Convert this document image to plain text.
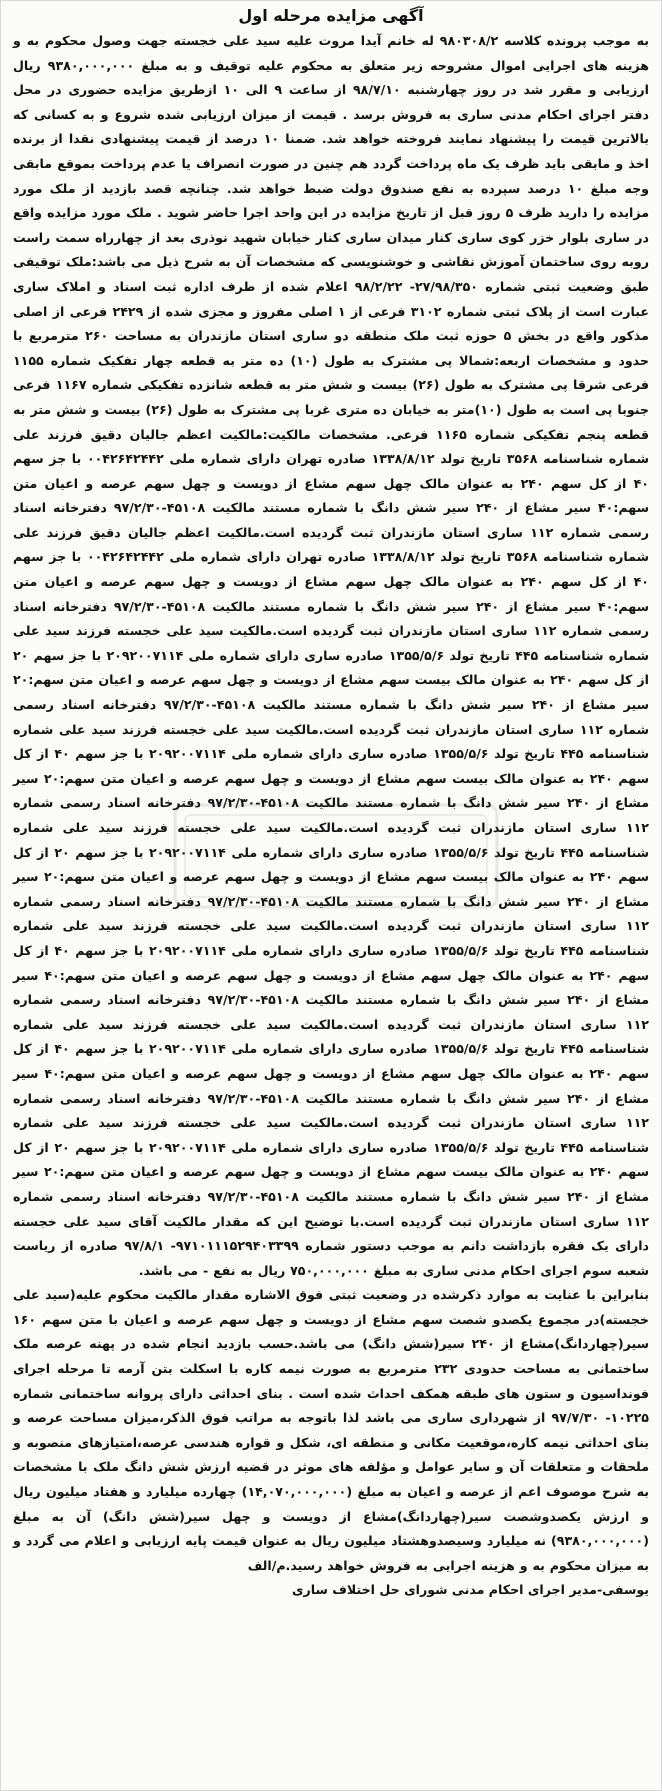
آگهی مزایده مرحله اول

به موجب پرونده کلاسه ۹۸۰۳۰۸/۲ له خانم آیدا مروت علیه سید علی خجسته جهت وصول محکوم به و هزینه های اجرایی اموال مشروحه زیر متعلق به محکوم علیه توقیف و به مبلغ ۹۳۸۰,۰۰۰,۰۰۰ ریال ارزیابی و مقرر شد در روز چهارشنبه ۹۸/۷/۱۰ از ساعت ۹ الی ۱۰ ازطریق مزایده حضوری در محل دفتر اجرای احکام مدنی ساری به فروش برسد . قیمت از میزان ارزیابی شده شروع و به کسانی که بالاترین قیمت را پیشنهاد نمایند فروخته خواهد شد. ضمنا ۱۰ درصد از قیمت پیشنهادی نقدا از برنده اخذ و مابقی باید ظرف یک ماه پرداخت گردد هم چنین در صورت انصراف یا عدم پرداخت بموقع مابقی وجه مبلغ ۱۰ درصد سپرده به نفع صندوق دولت ضبط خواهد شد. چنانچه قصد بازدید از ملک مورد مزایده را دارید ظرف ۵ روز قبل از تاریخ مزایده در این واحد اجرا حاضر شوید . ملک مورد مزایده واقع در ساری بلوار خزر کوی ساری کنار میدان ساری کنار خیابان شهید نوذری بعد از چهارراه سمت راست روبه روی ساختمان آموزش نقاشی و خوشنویسی که مشخصات آن به شرح ذیل می باشد:ملک توقیفی طبق وضعیت ثبتی شماره ۲۷/۹۸/۳۵۰- ۹۸/۲/۲۲ اعلام شده از طرف اداره ثبت اسناد و املاک ساری عبارت است از پلاک ثبتی شماره ۳۱۰۲ فرعی از ۱ اصلی مفروز و مجزی شده از ۲۴۲۹ فرعی از اصلی مذکور واقع در بخش ۵ حوزه ثبت ملک منطقه دو ساری استان مازندران به مساحت ۲۶۰ مترمربع با حدود و مشخصات اربعه:شمالا پی مشترک به طول (۱۰) ده متر به قطعه چهار تفکیک شماره ۱۱۵۵ فرعی شرقا پی مشترک به طول (۲۶) بیست و شش متر به قطعه شانزده تفکیکی شماره ۱۱۶۷ فرعی جنوبا پی است به طول (۱۰)متر به خیابان ده متری غربا پی مشترک به طول (۲۶) بیست و شش متر به قطعه پنجم تفکیکی شماره ۱۱۶۵ فرعی. مشخصات مالکیت:مالکیت اعظم جالیان دقیق فرزند علی شماره شناسنامه ۳۵۶۸ تاریخ تولد ۱۳۳۸/۸/۱۲ صادره تهران دارای شماره ملی ۰۰۴۲۶۴۲۴۴۲ با جز سهم ۴۰ از کل سهم ۲۴۰ به عنوان مالک چهل سهم مشاع از دویست و چهل سهم عرصه و اعیان متن سهم:۴۰ سیر مشاع از ۲۴۰ سیر شش دانگ با شماره مستند مالکیت ۴۵۱۰۸-۹۷/۲/۳۰ دفترخانه اسناد رسمی شماره ۱۱۲ ساری استان مازندران ثبت گردیده است.مالکیت اعظم جالیان دقیق فرزند علی شماره شناسنامه ۳۵۶۸ تاریخ تولد ۱۳۳۸/۸/۱۲ صادره تهران دارای شماره ملی ۰۰۴۲۶۴۲۴۴۲ با جز سهم ۴۰ از کل سهم ۲۴۰ به عنوان مالک چهل سهم مشاع از دویست و چهل سهم عرصه و اعیان متن سهم:۴۰ سیر مشاع از ۲۴۰ سیر شش دانگ با شماره مستند مالکیت ۴۵۱۰۸-۹۷/۲/۳۰ دفترخانه اسناد رسمی شماره ۱۱۲ ساری استان مازندران ثبت گردیده است.مالکیت سید علی خجسته فرزند سید علی شماره شناسنامه ۴۴۵ تاریخ تولد ۱۳۵۵/۵/۶ صادره ساری دارای شماره ملی ۲۰۹۲۰۰۷۱۱۴ با جز سهم ۲۰ از کل سهم ۲۴۰ به عنوان مالک بیست سهم مشاع از دویست و چهل سهم عرصه و اعیان متن سهم:۲۰ سیر مشاع از ۲۴۰ سیر شش دانگ با شماره مستند مالکیت ۴۵۱۰۸-۹۷/۲/۳۰ دفترخانه اسناد رسمی شماره ۱۱۲ ساری استان مازندران ثبت گردیده است.مالکیت سید علی خجسته فرزند سید علی شماره شناسنامه ۴۴۵ تاریخ تولد ۱۳۵۵/۵/۶ صادره ساری دارای شماره ملی ۲۰۹۲۰۰۷۱۱۴ با جز سهم ۴۰ از کل سهم ۲۴۰ به عنوان مالک بیست سهم مشاع از دویست و چهل سهم عرصه و اعیان متن سهم:۲۰ سیر مشاع از ۲۴۰ سیر شش دانگ با شماره مستند مالکیت ۴۵۱۰۸-۹۷/۲/۳۰ دفترخانه اسناد رسمی شماره ۱۱۲ ساری استان مازندران ثبت گردیده است.مالکیت سید علی خجسته فرزند سید علی شماره شناسنامه ۴۴۵ تاریخ تولد ۱۳۵۵/۵/۶ صادره ساری دارای شماره ملی ۲۰۹۲۰۰۷۱۱۴ با جز سهم ۲۰ از کل سهم ۲۴۰ به عنوان مالک بیست سهم مشاع از دویست و چهل سهم عرصه و اعیان متن سهم:۲۰ سیر مشاع از ۲۴۰ سیر شش دانگ با شماره مستند مالکیت ۴۵۱۰۸-۹۷/۲/۳۰ دفترخانه اسناد رسمی شماره ۱۱۲ ساری استان مازندران ثبت گردیده است.مالکیت سید علی خجسته فرزند سید علی شماره شناسنامه ۴۴۵ تاریخ تولد ۱۳۵۵/۵/۶ صادره ساری دارای شماره ملی ۲۰۹۲۰۰۷۱۱۴ با جز سهم ۴۰ از کل سهم ۲۴۰ به عنوان مالک چهل سهم مشاع از دویست و چهل سهم عرصه و اعیان متن سهم:۴۰ سیر مشاع از ۲۴۰ سیر شش دانگ با شماره مستند مالکیت ۴۵۱۰۸-۹۷/۲/۳۰ دفترخانه اسناد رسمی شماره ۱۱۲ ساری استان مازندران ثبت گردیده است.مالکیت سید علی خجسته فرزند سید علی شماره شناسنامه ۴۴۵ تاریخ تولد ۱۳۵۵/۵/۶ صادره ساری دارای شماره ملی ۲۰۹۲۰۰۷۱۱۴ با جز سهم ۴۰ از کل سهم ۲۴۰ به عنوان مالک چهل سهم مشاع از دویست و چهل سهم عرصه و اعیان متن سهم:۴۰ سیر مشاع از ۲۴۰ سیر شش دانگ با شماره مستند مالکیت ۴۵۱۰۸-۹۷/۲/۳۰ دفترخانه اسناد رسمی شماره ۱۱۲ ساری استان مازندران ثبت گردیده است.مالکیت سید علی خجسته فرزند سید علی شماره شناسنامه ۴۴۵ تاریخ تولد ۱۳۵۵/۵/۶ صادره ساری دارای شماره ملی ۲۰۹۲۰۰۷۱۱۴ با جز سهم ۲۰ از کل سهم ۲۴۰ به عنوان مالک بیست سهم مشاع از دویست و چهل سهم عرصه و اعیان متن سهم:۲۰ سیر مشاع از ۲۴۰ سیر شش دانگ با شماره مستند مالکیت ۴۵۱۰۸-۹۷/۲/۳۰ دفترخانه اسناد رسمی شماره ۱۱۲ ساری استان مازندران ثبت گردیده است.با توضیح این که مقدار مالکیت آقای سید علی خجسته دارای یک فقره بازداشت دانم به موجب دستور شماره ۹۷۱۰۱۱۱۵۲۹۴۰۳۳۹۹- ۹۷/۸/۱ صادره از ریاست شعبه سوم اجرای احکام مدنی ساری به مبلغ ۷۵۰,۰۰۰,۰۰۰ ریال به نفع - می باشد.

بنابراین با عنایت به موارد ذکرشده در وضعیت ثبتی فوق الاشاره مقدار مالکیت محکوم علیه(سید علی خجسته)در مجموع یکصدو شصت سهم مشاع از دویست و چهل سهم عرصه و اعیان با متن سهم ۱۶۰ سیر(چهاردانگ)مشاع از ۲۴۰ سیر(شش دانگ) می باشد.حسب بازدید انجام شده در پهنه عرصه ملک ساختمانی به مساحت حدودی ۲۳۲ مترمربع به صورت نیمه کاره با اسکلت بتن آرمه تا مرحله اجرای فونداسیون و ستون های طبقه همکف احداث شده است . بنای احداثی دارای پروانه ساختمانی شماره ۱۰۲۲۵- ۹۷/۷/۳۰ از شهرداری ساری می باشد لذا باتوجه به مراتب فوق الذکر،میزان مساحت عرصه و بنای احداثی نیمه کاره،موقعیت مکانی و منطقه ای، شکل و قواره هندسی عرصه،امتیازهای منصوبه و ملحقات و متعلقات آن و سایر عوامل و مؤلفه های موثر در قضیه ارزش شش دانگ ملک با مشخصات به شرح موصوف اعم از عرصه و اعیان به مبلغ (۱۴,۰۷۰,۰۰۰,۰۰۰) چهارده میلیارد و هفتاد میلیون ریال و ارزش یکصدوشصت سیر(چهاردانگ)مشاع از دویست و چهل سیر(شش دانگ) آن به مبلغ (۹۳۸۰,۰۰۰,۰۰۰) نه میلیارد وسیصدوهشتاد میلیون ریال به عنوان قیمت پایه ارزیابی و اعلام می گردد و به میزان محکوم به و هزینه اجرایی به فروش خواهد رسید.م/الف

یوسفی-مدیر اجرای احکام مدنی شورای حل اختلاف ساری
